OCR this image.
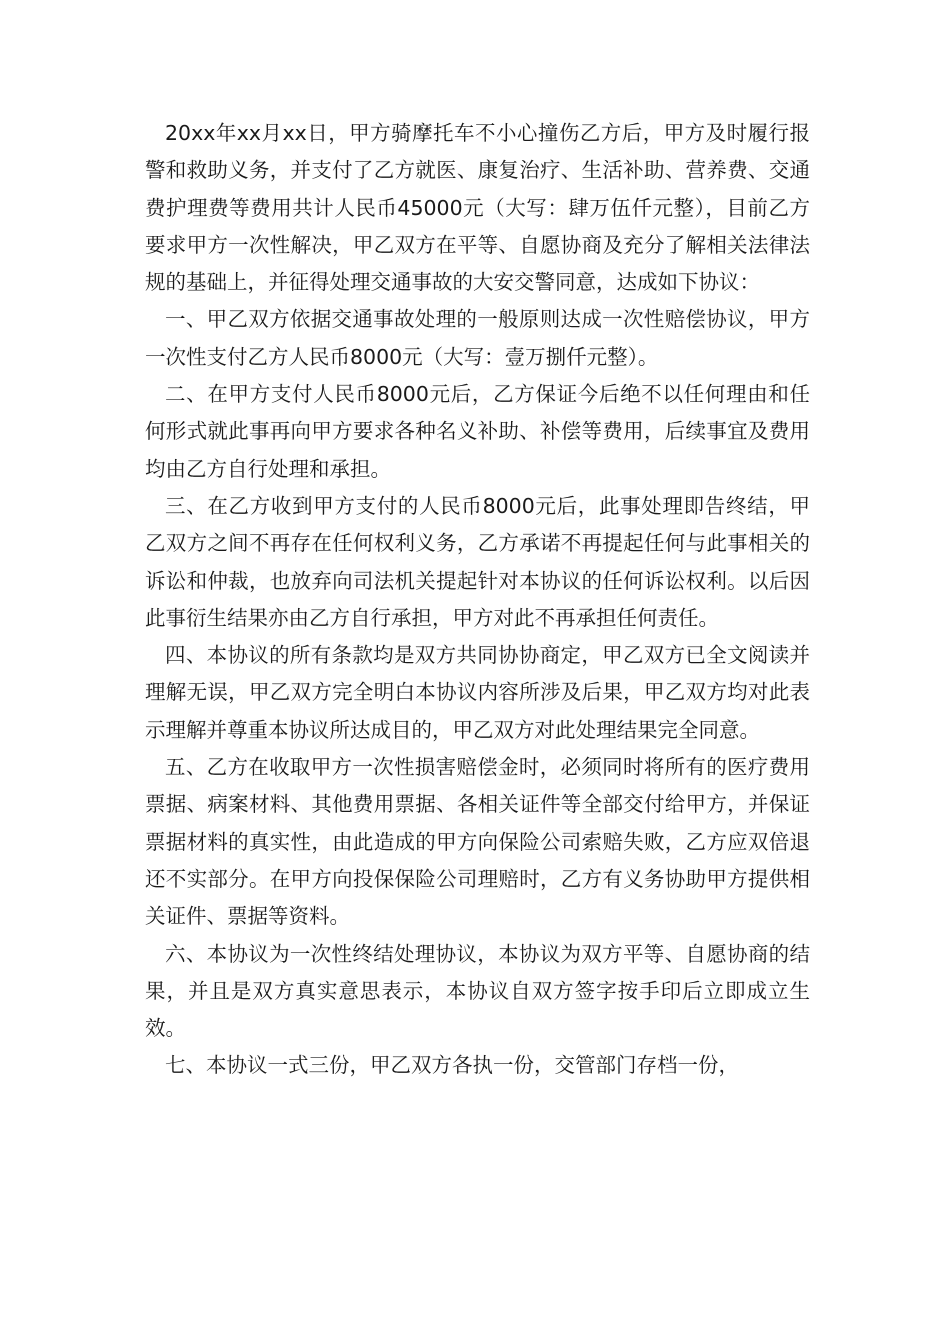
20xx年xx月xx日，甲方骑摩托车不小心撞伤乙方后，甲方及时履行报警和救助义务，并支付了乙方就医、康复治疗、生活补助、营养费、交通费护理费等费用共计人民币45000元（大写：肆万伍仟元整），目前乙方要求甲方一次性解决，甲乙双方在平等、自愿协商及充分了解相关法律法规的基础上，并征得处理交通事故的大安交警同意，达成如下协议：

一、甲乙双方依据交通事故处理的一般原则达成一次性赔偿协议，甲方一次性支付乙方人民币8000元（大写：壹万捌仟元整）。

二、在甲方支付人民币8000元后，乙方保证今后绝不以任何理由和任何形式就此事再向甲方要求各种名义补助、补偿等费用，后续事宜及费用均由乙方自行处理和承担。

三、在乙方收到甲方支付的人民币8000元后，此事处理即告终结，甲乙双方之间不再存在任何权利义务，乙方承诺不再提起任何与此事相关的诉讼和仲裁，也放弃向司法机关提起针对本协议的任何诉讼权利。以后因此事衍生结果亦由乙方自行承担，甲方对此不再承担任何责任。

四、本协议的所有条款均是双方共同协协商定，甲乙双方已全文阅读并理解无误，甲乙双方完全明白本协议内容所涉及后果，甲乙双方均对此表示理解并尊重本协议所达成目的，甲乙双方对此处理结果完全同意。

五、乙方在收取甲方一次性损害赔偿金时，必须同时将所有的医疗费用票据、病案材料、其他费用票据、各相关证件等全部交付给甲方，并保证票据材料的真实性，由此造成的甲方向保险公司索赔失败，乙方应双倍退还不实部分。在甲方向投保保险公司理赔时，乙方有义务协助甲方提供相关证件、票据等资料。

六、本协议为一次性终结处理协议，本协议为双方平等、自愿协商的结果，并且是双方真实意思表示，本协议自双方签字按手印后立即成立生效。

七、本协议一式三份，甲乙双方各执一份，交管部门存档一份，
